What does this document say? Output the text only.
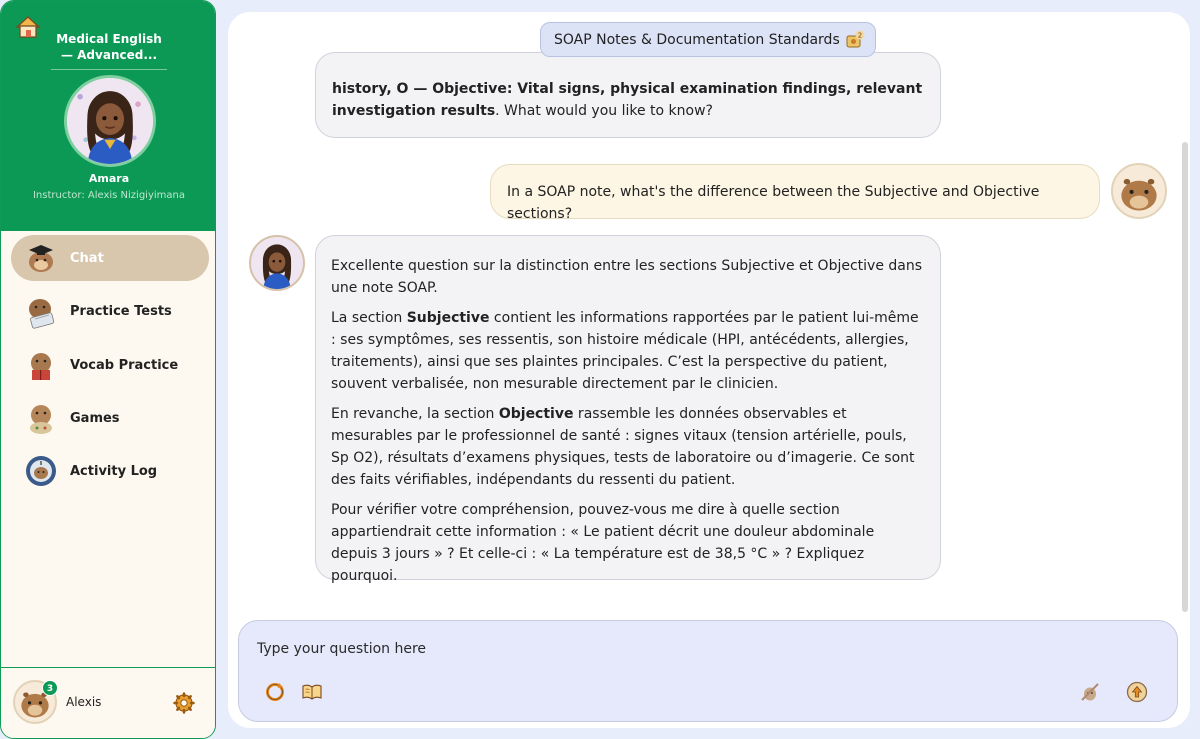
Medical English
— Advanced...
Amara
Instructor: Alexis Nizigiyimana
Chat
Practice Tests
Vocab Practice
Games
Activity Log
3
Alexis

history, O — Objective: Vital signs, physical examination findings, relevant
investigation results. What would you like to know?

SOAP Notes & Documentation Standards	2

In a SOAP note, what's the difference between the Subjective and Objective sections?

Excellente question sur la distinction entre les sections Subjective et Objective dans une note SOAP.

La section Subjective contient les informations rapportées par le patient lui-même : ses symptômes, ses ressentis, son histoire médicale (HPI, antécédents, allergies, traitements), ainsi que ses plaintes principales. C’est la perspective du patient, souvent verbalisée, non mesurable directement par le clinicien.

En revanche, la section Objective rassemble les données observables et mesurables par le professionnel de santé : signes vitaux (tension artérielle, pouls, Sp O2), résultats d’examens physiques, tests de laboratoire ou d’imagerie. Ce sont des faits vérifiables, indépendants du ressenti du patient.

Pour vérifier votre compréhension, pouvez-vous me dire à quelle section appartiendrait cette information : « Le patient décrit une douleur abdominale depuis 3 jours » ? Et celle-ci : « La température est de 38,5 °C » ? Expliquez pourquoi.

Type your question here
